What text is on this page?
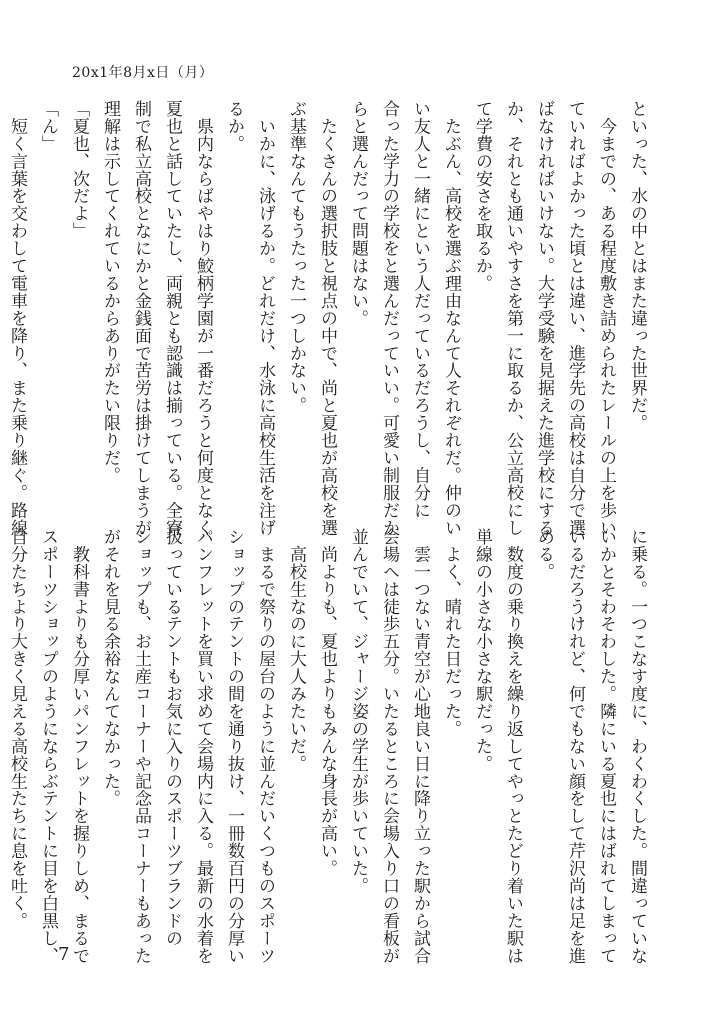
20x1年8月x日（月）

といった、水の中とはまた違った世界だ。

　今までの、ある程度敷き詰められたレールの上を歩い

ていればよかった頃とは違い、進学先の高校は自分で選

ばなければいけない。大学受験を見据えた進学校にする

か、それとも通いやすさを第一に取るか、公立高校にし

て学費の安さを取るか。

　たぶん、高校を選ぶ理由なんて人それぞれだ。仲のい

い友人と一緒にという人だっているだろうし、自分に

合った学力の学校をと選んだっていい。可愛い制服だか

らと選んだって問題はない。

　たくさんの選択肢と視点の中で、尚と夏也が高校を選

ぶ基準なんてもうたった一つしかない。

　いかに、泳げるか。どれだけ、水泳に高校生活を注げ

るか。

　県内ならばやはり鮫柄学園が一番だろうと何度となく

夏也と話していたし、両親とも認識は揃っている。全寮

制で私立高校となにかと金銭面で苦労は掛けてしまうが

理解は示してくれているからありがたい限りだ。

「夏也、次だよ」

「ん」

　短く言葉を交わして電車を降り、また乗り継ぐ。路線

に乗る。一つこなす度に、わくわくした。間違っていな

いかとそわそわした。隣にいる夏也にはばれてしまって

いるだろうけれど、何でもない顔をして芹沢尚は足を進

める。

　数度の乗り換えを繰り返してやっとたどり着いた駅は

単線の小さな小さな駅だった。

　よく、晴れた日だった。

　雲一つない青空が心地良い日に降り立った駅から試合

会場へは徒歩五分。いたるところに会場入り口の看板が

並んでいて、ジャージ姿の学生が歩いていた。

　尚よりも、夏也よりもみんな身長が高い。

　高校生なのに大人みたいだ。

　まるで祭りの屋台のように並んだいくつものスポーツ

ショップのテントの間を通り抜け、一冊数百円の分厚い

パンフレットを買い求めて会場内に入る。最新の水着を

扱っているテントもお気に入りのスポーツブランドの

ショップも、お土産コーナーや記念品コーナーもあった

がそれを見る余裕なんてなかった。

　教科書よりも分厚いパンフレットを握りしめ、まるで

スポーツショップのようにならぶテントに目を白黒し、

自分たちより大きく見える高校生たちに息を吐く。

7
